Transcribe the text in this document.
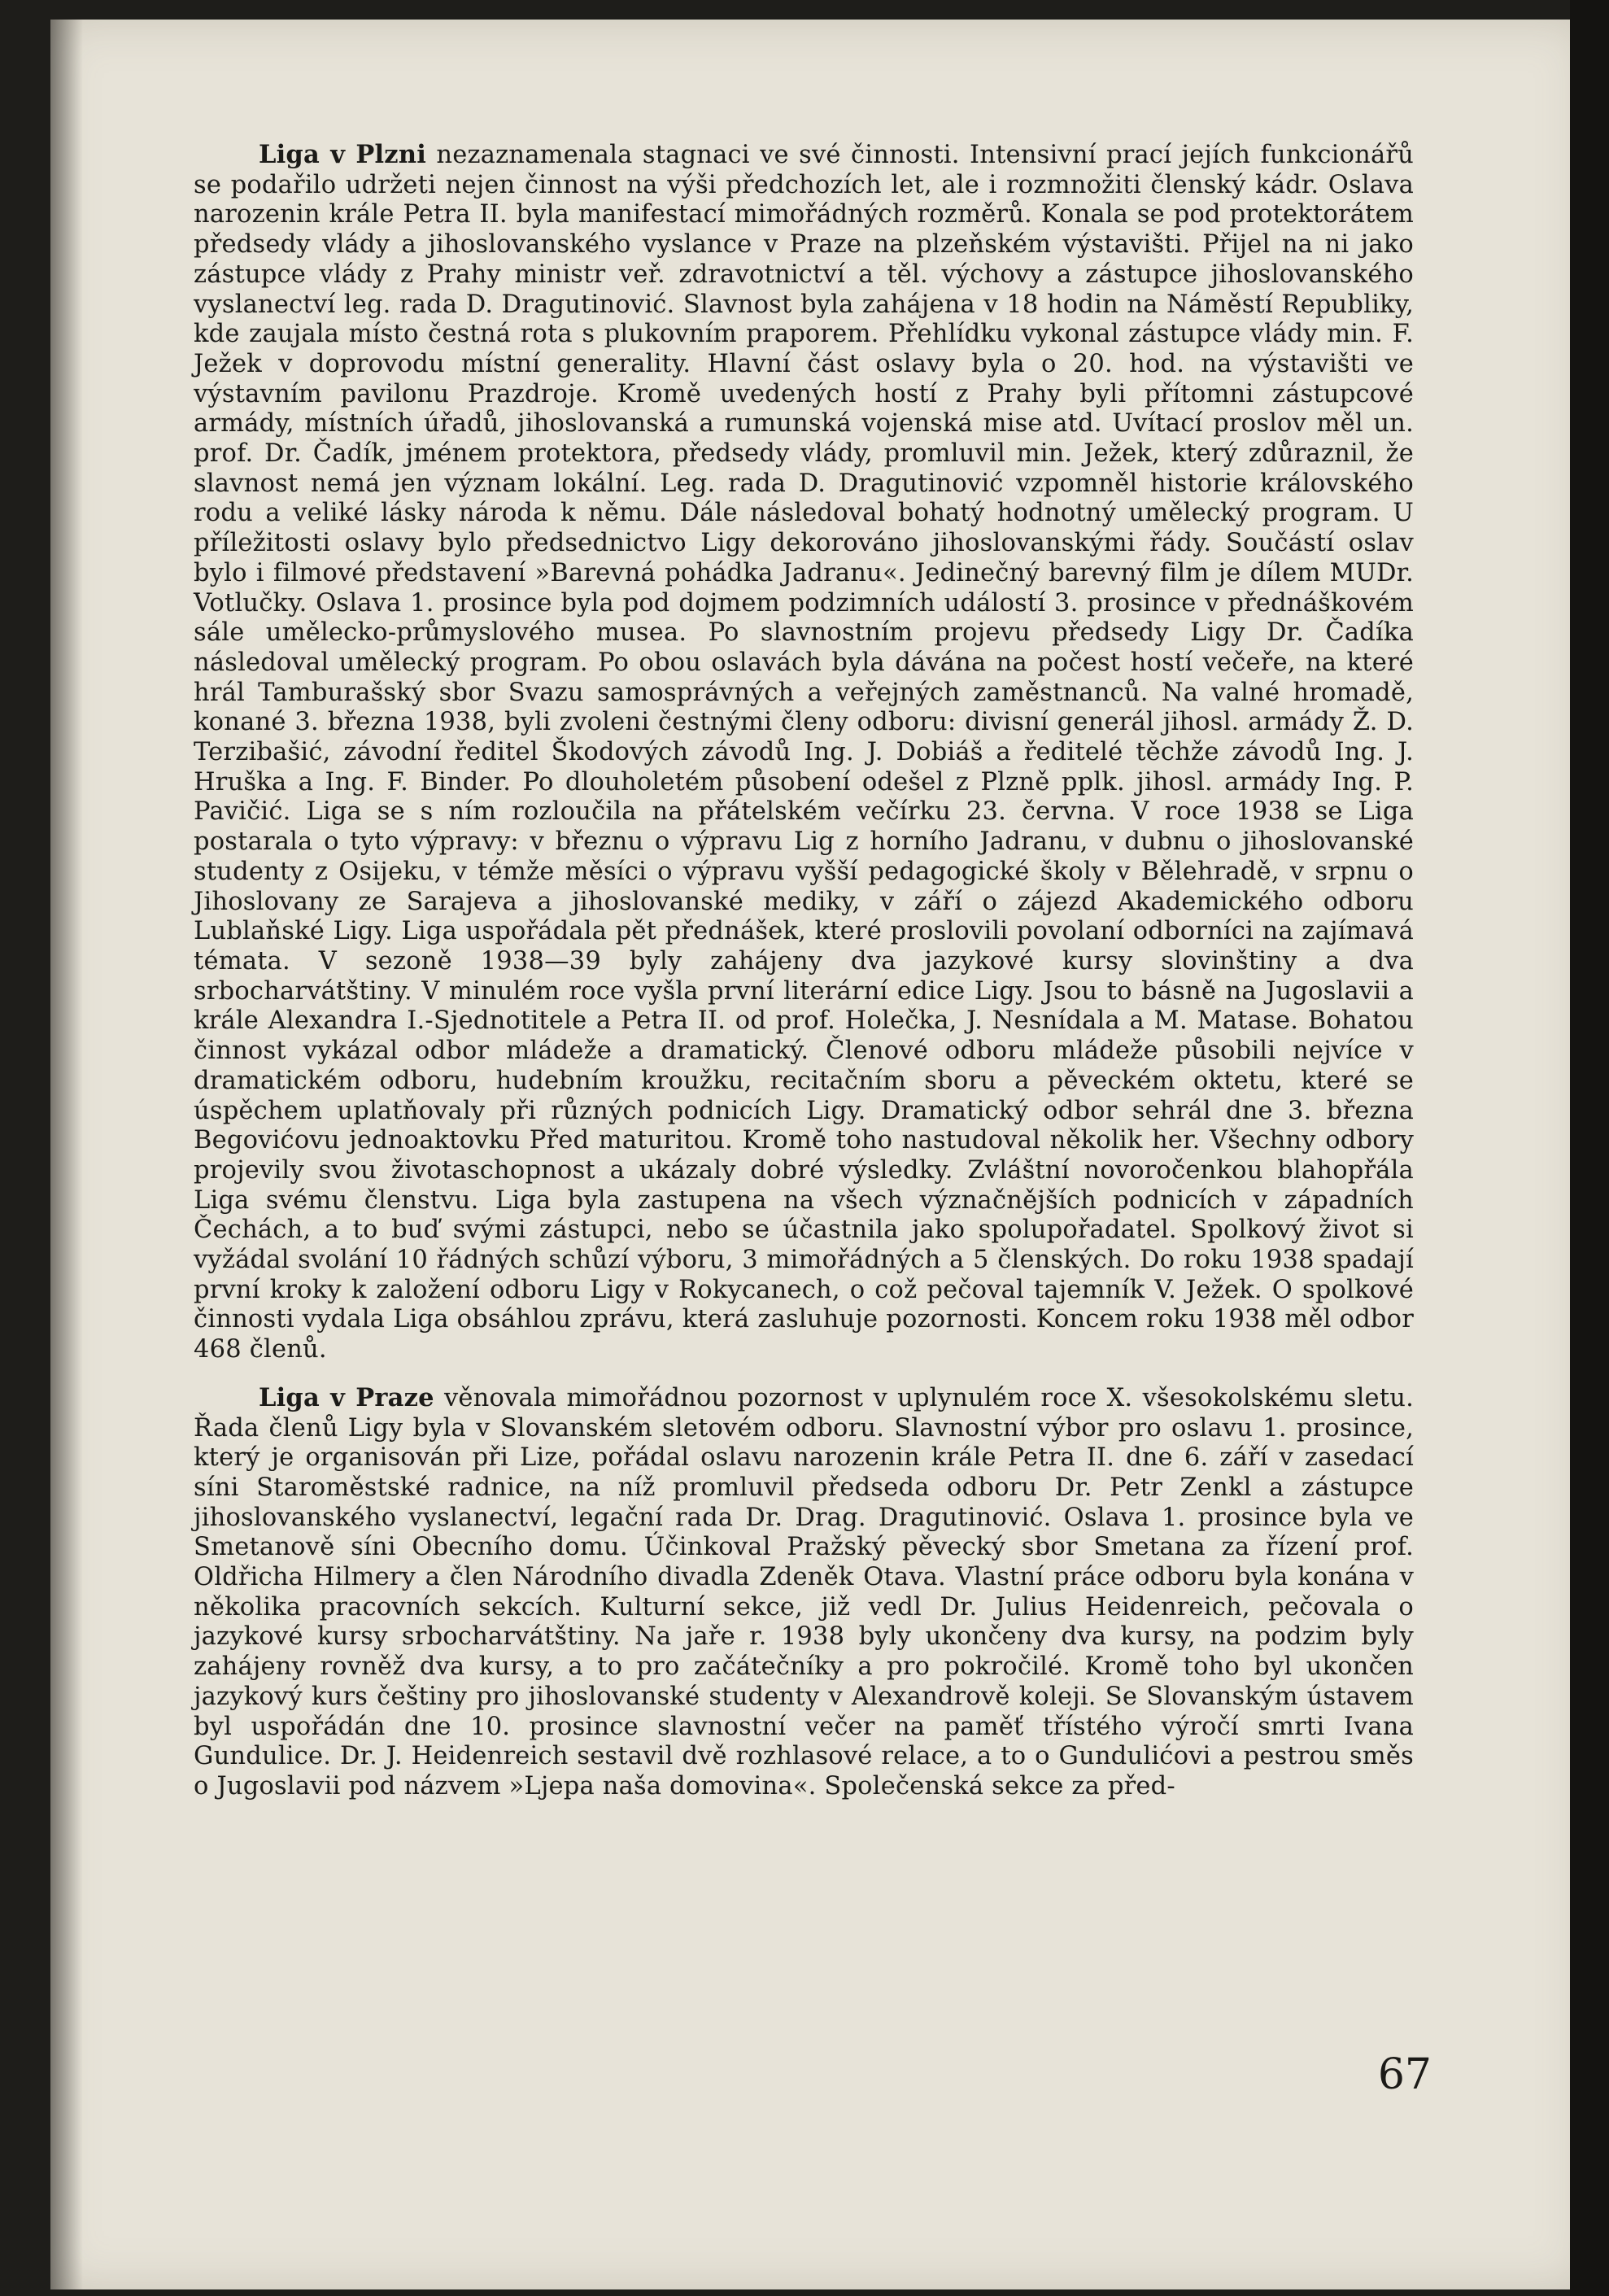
Liga v Plzni nezaznamenala stagnaci ve své činnosti. Intensivní prací jejích funkcionářů se podařilo udržeti nejen činnost na výši předchozích let, ale i rozmnožiti členský kádr. Oslava narozenin krále Petra II. byla manifestací mimořádných rozměrů. Konala se pod protektorátem předsedy vlády a jihoslovanského vyslance v Praze na plzeňském výstavišti. Přijel na ni jako zástupce vlády z Prahy ministr veř. zdravotnictví a těl. výchovy a zástupce jihoslovanského vyslanectví leg. rada D. Dragutinović. Slavnost byla zahájena v 18 hodin na Náměstí Republiky, kde zaujala místo čestná rota s plukovním praporem. Přehlídku vykonal zástupce vlády min. F. Ježek v doprovodu místní generality. Hlavní část oslavy byla o 20. hod. na výstavišti ve výstavním pavilonu Prazdroje. Kromě uvedených hostí z Prahy byli přítomni zástupcové armády, místních úřadů, jihoslovanská a rumunská vojenská mise atd. Uvítací proslov měl un. prof. Dr. Čadík, jménem protektora, předsedy vlády, promluvil min. Ježek, který zdůraznil, že slavnost nemá jen význam lokální. Leg. rada D. Dragutinović vzpomněl historie královského rodu a veliké lásky národa k němu. Dále následoval bohatý hodnotný umělecký program. U příležitosti oslavy bylo předsednictvo Ligy dekorováno jihoslovanskými řády. Součástí oslav bylo i filmové představení »Barevná pohádka Jadranu«. Jedinečný barevný film je dílem MUDr. Votlučky. Oslava 1. prosince byla pod dojmem podzimních událostí 3. prosince v přednáškovém sále umělecko-průmyslového musea. Po slavnostním projevu předsedy Ligy Dr. Čadíka následoval umělecký program. Po obou oslavách byla dávána na počest hostí večeře, na které hrál Tamburašský sbor Svazu samosprávných a veřejných zaměstnanců. Na valné hromadě, konané 3. března 1938, byli zvoleni čestnými členy odboru: divisní generál jihosl. armády Ž. D. Terzibašić, závodní ředitel Škodových závodů Ing. J. Dobiáš a ředitelé těchže závodů Ing. J. Hruška a Ing. F. Binder. Po dlouholetém působení odešel z Plzně pplk. jihosl. armády Ing. P. Pavičić. Liga se s ním rozloučila na přátelském večírku 23. června. V roce 1938 se Liga postarala o tyto výpravy: v březnu o výpravu Lig z horního Jadranu, v dubnu o jihoslovanské studenty z Osijeku, v témže měsíci o výpravu vyšší pedagogické školy v Bělehradě, v srpnu o Jihoslovany ze Sarajeva a jihoslovanské mediky, v září o zájezd Akademického odboru Lublaňské Ligy. Liga uspořádala pět přednášek, které proslovili povolaní odborníci na zajímavá témata. V sezoně 1938—39 byly zahájeny dva jazykové kursy slovinštiny a dva srbocharvátštiny. V minulém roce vyšla první literární edice Ligy. Jsou to básně na Jugoslavii a krále Alexandra I.-Sjednotitele a Petra II. od prof. Holečka, J. Nesnídala a M. Matase. Bohatou činnost vykázal odbor mládeže a dramatický. Členové odboru mládeže působili nejvíce v dramatickém odboru, hudebním kroužku, recitačním sboru a pěveckém oktetu, které se úspěchem uplatňovaly při různých podnicích Ligy. Dramatický odbor sehrál dne 3. března Begovićovu jednoaktovku Před maturitou. Kromě toho nastudoval několik her. Všechny odbory projevily svou životaschopnost a ukázaly dobré výsledky. Zvláštní novoročenkou blahopřála Liga svému členstvu. Liga byla zastupena na všech význačnějších podnicích v západních Čechách, a to buď svými zástupci, nebo se účastnila jako spolupořadatel. Spolkový život si vyžádal svolání 10 řádných schůzí výboru, 3 mimořádných a 5 členských. Do roku 1938 spadají první kroky k založení odboru Ligy v Rokycanech, o což pečoval tajemník V. Ježek. O spolkové činnosti vydala Liga obsáhlou zprávu, která zasluhuje pozornosti. Koncem roku 1938 měl odbor 468 členů.

Liga v Praze věnovala mimořádnou pozornost v uplynulém roce X. všesokolskému sletu. Řada členů Ligy byla v Slovanském sletovém odboru. Slavnostní výbor pro oslavu 1. prosince, který je organisován při Lize, pořádal oslavu narozenin krále Petra II. dne 6. září v zasedací síni Staroměstské radnice, na níž promluvil předseda odboru Dr. Petr Zenkl a zástupce jihoslovanského vyslanectví, legační rada Dr. Drag. Dragutinović. Oslava 1. prosince byla ve Smetanově síni Obecního domu. Účinkoval Pražský pěvecký sbor Smetana za řízení prof. Oldřicha Hilmery a člen Národního divadla Zdeněk Otava. Vlastní práce odboru byla konána v několika pracovních sekcích. Kulturní sekce, již vedl Dr. Julius Heidenreich, pečovala o jazykové kursy srbocharvátštiny. Na jaře r. 1938 byly ukončeny dva kursy, na podzim byly zahájeny rovněž dva kursy, a to pro začátečníky a pro pokročilé. Kromě toho byl ukončen jazykový kurs češtiny pro jihoslovanské studenty v Alexandrově koleji. Se Slovanským ústavem byl uspořádán dne 10. prosince slavnostní večer na paměť třístého výročí smrti Ivana Gundulice. Dr. J. Heidenreich sestavil dvě rozhlasové relace, a to o Gundulićovi a pestrou směs o Jugoslavii pod názvem »Ljepa naša domovina«. Společenská sekce za před-

67
